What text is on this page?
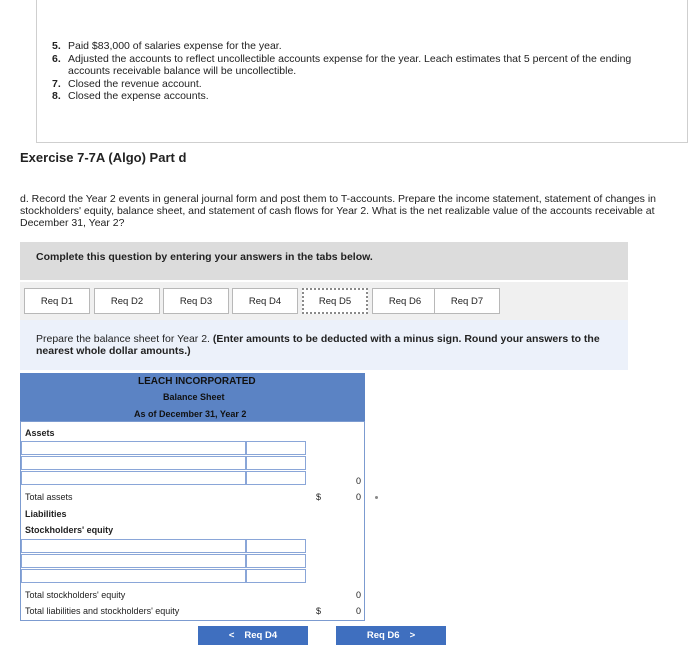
5. Paid $83,000 of salaries expense for the year.
6. Adjusted the accounts to reflect uncollectible accounts expense for the year. Leach estimates that 5 percent of the ending accounts receivable balance will be uncollectible.
7. Closed the revenue account.
8. Closed the expense accounts.
Exercise 7-7A (Algo) Part d
d. Record the Year 2 events in general journal form and post them to T-accounts. Prepare the income statement, statement of changes in stockholders' equity, balance sheet, and statement of cash flows for Year 2. What is the net realizable value of the accounts receivable at December 31, Year 2?
Complete this question by entering your answers in the tabs below.
Req D1	Req D2	Req D3	Req D4	Req D5	Req D6	Req D7
Prepare the balance sheet for Year 2. (Enter amounts to be deducted with a minus sign. Round your answers to the nearest whole dollar amounts.)
LEACH INCORPORATED
Balance Sheet
As of December 31, Year 2
Assets
0
Total assets	$	0
Liabilities
Stockholders' equity
Total stockholders' equity	0
Total liabilities and stockholders' equity	$	0
< Req D4	Req D6 >
